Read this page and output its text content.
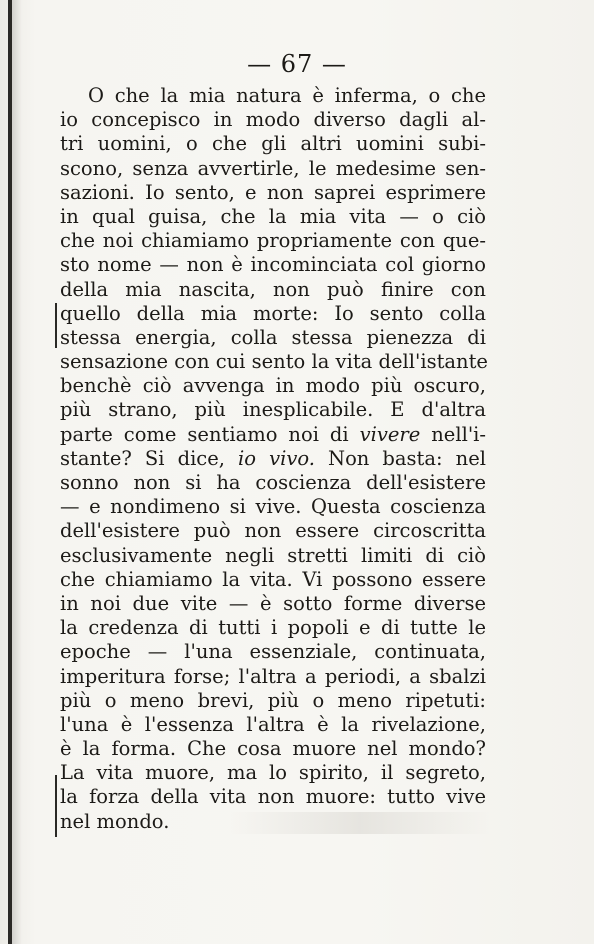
— 67 —
O che la mia natura è inferma, o che
io concepisco in modo diverso dagli al-
tri uomini, o che gli altri uomini subi-
scono, senza avvertirle, le medesime sen-
sazioni. Io sento, e non saprei esprimere
in qual guisa, che la mia vita — o ciò
che noi chiamiamo propriamente con que-
sto nome — non è incominciata col giorno
della mia nascita, non può finire con
quello della mia morte: Io sento colla
stessa energia, colla stessa pienezza di
sensazione con cui sento la vita dell'istante
benchè ciò avvenga in modo più oscuro,
più strano, più inesplicabile. E d'altra
parte come sentiamo noi di vivere nell'i-
stante? Si dice, io vivo. Non basta: nel
sonno non si ha coscienza dell'esistere
— e nondimeno si vive. Questa coscienza
dell'esistere può non essere circoscritta
esclusivamente negli stretti limiti di ciò
che chiamiamo la vita. Vi possono essere
in noi due vite — è sotto forme diverse
la credenza di tutti i popoli e di tutte le
epoche — l'una essenziale, continuata,
imperitura forse; l'altra a periodi, a sbalzi
più o meno brevi, più o meno ripetuti:
l'una è l'essenza l'altra è la rivelazione,
è la forma. Che cosa muore nel mondo?
La vita muore, ma lo spirito, il segreto,
la forza della vita non muore: tutto vive
nel mondo.
